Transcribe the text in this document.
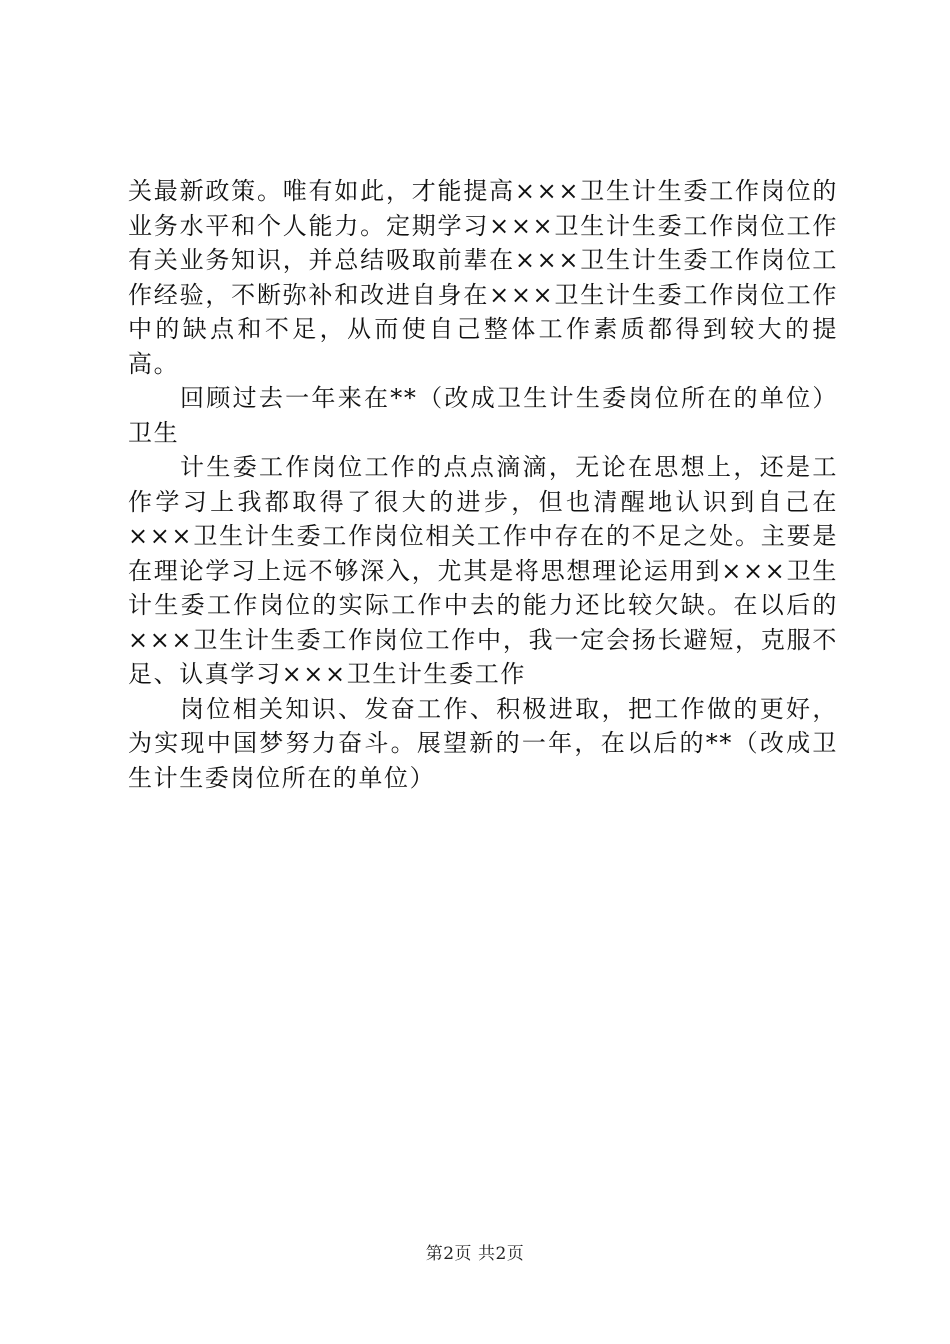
关最新政策。唯有如此，才能提高×××卫生计生委工作岗位的业务水平和个人能力。定期学习×××卫生计生委工作岗位工作有关业务知识，并总结吸取前辈在×××卫生计生委工作岗位工作经验，不断弥补和改进自身在×××卫生计生委工作岗位工作中的缺点和不足，从而使自己整体工作素质都得到较大的提高。

回顾过去一年来在**（改成卫生计生委岗位所在的单位）卫生

计生委工作岗位工作的点点滴滴，无论在思想上，还是工作学习上我都取得了很大的进步，但也清醒地认识到自己在×××卫生计生委工作岗位相关工作中存在的不足之处。主要是在理论学习上远不够深入，尤其是将思想理论运用到×××卫生计生委工作岗位的实际工作中去的能力还比较欠缺。在以后的×××卫生计生委工作岗位工作中，我一定会扬长避短，克服不足、认真学习×××卫生计生委工作

岗位相关知识、发奋工作、积极进取，把工作做的更好，为实现中国梦努力奋斗。展望新的一年，在以后的**（改成卫生计生委岗位所在的单位）

第2页 共2页
